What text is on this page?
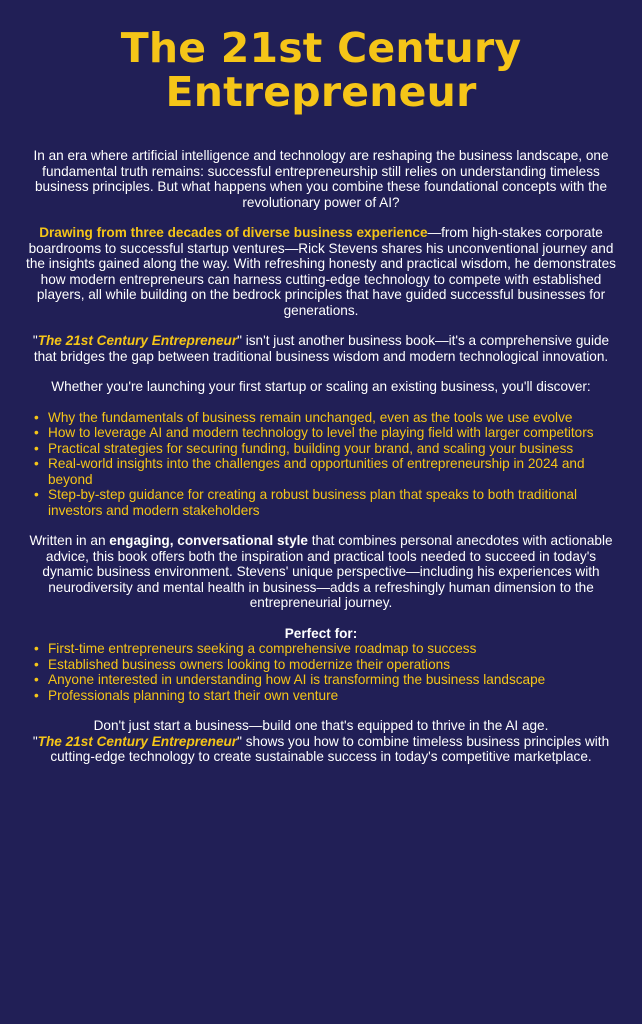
The 21st Century
Entrepreneur

In an era where artificial intelligence and technology are reshaping the business landscape, one fundamental truth remains: successful entrepreneurship still relies on understanding timeless business principles. But what happens when you combine these foundational concepts with the revolutionary power of AI?

Drawing from three decades of diverse business experience—from high-stakes corporate boardrooms to successful startup ventures—Rick Stevens shares his unconventional journey and the insights gained along the way. With refreshing honesty and practical wisdom, he demonstrates how modern entrepreneurs can harness cutting-edge technology to compete with established players, all while building on the bedrock principles that have guided successful businesses for generations.

"The 21st Century Entrepreneur" isn't just another business book—it's a comprehensive guide that bridges the gap between traditional business wisdom and modern technological innovation.

Whether you're launching your first startup or scaling an existing business, you'll discover:

• Why the fundamentals of business remain unchanged, even as the tools we use evolve
• How to leverage AI and modern technology to level the playing field with larger competitors
• Practical strategies for securing funding, building your brand, and scaling your business
• Real-world insights into the challenges and opportunities of entrepreneurship in 2024 and beyond
• Step-by-step guidance for creating a robust business plan that speaks to both traditional investors and modern stakeholders

Written in an engaging, conversational style that combines personal anecdotes with actionable advice, this book offers both the inspiration and practical tools needed to succeed in today's dynamic business environment. Stevens' unique perspective—including his experiences with neurodiversity and mental health in business—adds a refreshingly human dimension to the entrepreneurial journey.

Perfect for:

• First-time entrepreneurs seeking a comprehensive roadmap to success
• Established business owners looking to modernize their operations
• Anyone interested in understanding how AI is transforming the business landscape
• Professionals planning to start their own venture

Don't just start a business—build one that's equipped to thrive in the AI age.
"The 21st Century Entrepreneur" shows you how to combine timeless business principles with cutting-edge technology to create sustainable success in today's competitive marketplace.
